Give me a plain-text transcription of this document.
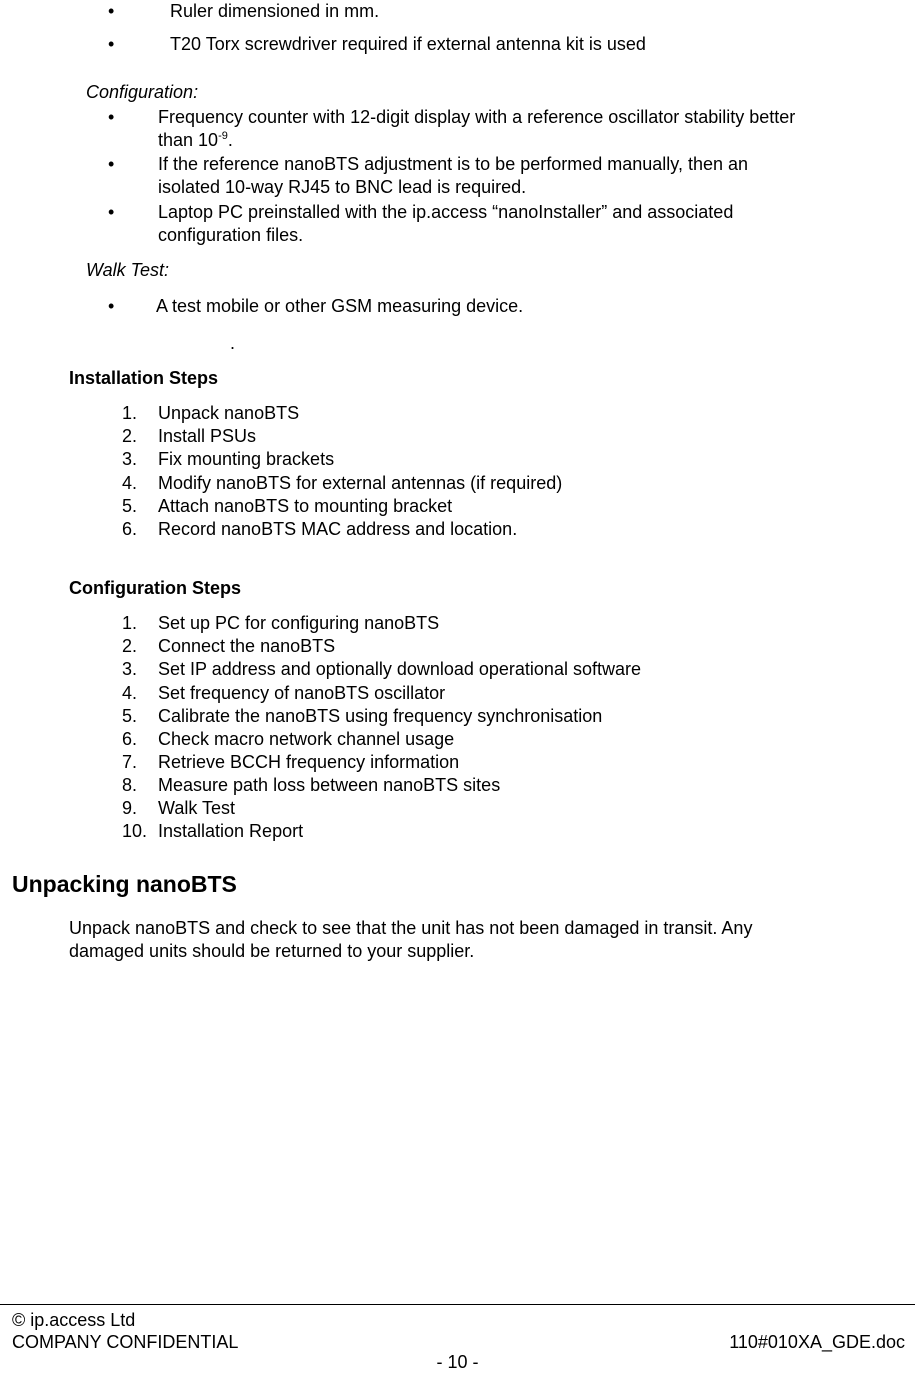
•	Ruler dimensioned in mm.
•	T20 Torx screwdriver required if external antenna kit is used
Configuration:
• Frequency counter with 12-digit display with a reference oscillator stability better
than $10^{-9}$.
• If the reference nanoBTS adjustment is to be performed manually, then an
isolated 10-way RJ45 to BNC lead is required.
• Laptop PC preinstalled with the ip.access “nanoInstaller” and associated
configuration files.
Walk Test:
• A test mobile or other GSM measuring device.
.
Installation Steps
1. Unpack nanoBTS
2. Install PSUs
3. Fix mounting brackets
4. Modify nanoBTS for external antennas (if required)
5. Attach nanoBTS to mounting bracket
6. Record nanoBTS MAC address and location.
Configuration Steps
1. Set up PC for configuring nanoBTS
2. Connect the nanoBTS
3. Set IP address and optionally download operational software
4. Set frequency of nanoBTS oscillator
5. Calibrate the nanoBTS using frequency synchronisation
6. Check macro network channel usage
7. Retrieve BCCH frequency information
8. Measure path loss between nanoBTS sites
9. Walk Test
10. Installation Report
Unpacking nanoBTS
Unpack nanoBTS and check to see that the unit has not been damaged in transit. Any
damaged units should be returned to your supplier.
© ip.access Ltd
COMPANY CONFIDENTIAL	110#010XA_GDE.doc
- 10 -
